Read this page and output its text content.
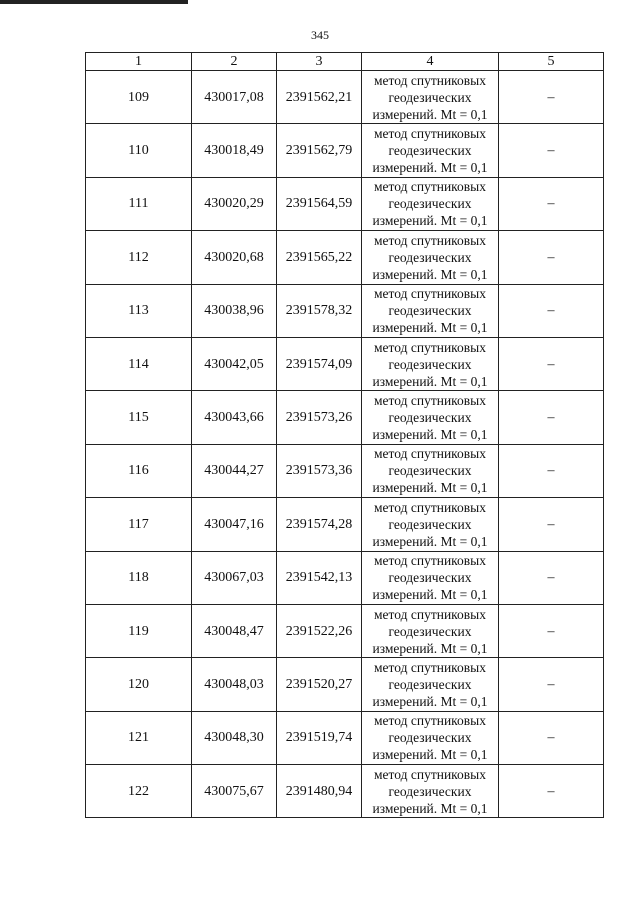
345
1	2	3	4	5
109	430017,08	2391562,21	метод спутниковых
геодезических
измерений. Mt = 0,1	–
110	430018,49	2391562,79	метод спутниковых
геодезических
измерений. Mt = 0,1	–
111	430020,29	2391564,59	метод спутниковых
геодезических
измерений. Mt = 0,1	–
112	430020,68	2391565,22	метод спутниковых
геодезических
измерений. Mt = 0,1	–
113	430038,96	2391578,32	метод спутниковых
геодезических
измерений. Mt = 0,1	–
114	430042,05	2391574,09	метод спутниковых
геодезических
измерений. Mt = 0,1	–
115	430043,66	2391573,26	метод спутниковых
геодезических
измерений. Mt = 0,1	–
116	430044,27	2391573,36	метод спутниковых
геодезических
измерений. Mt = 0,1	–
117	430047,16	2391574,28	метод спутниковых
геодезических
измерений. Mt = 0,1	–
118	430067,03	2391542,13	метод спутниковых
геодезических
измерений. Mt = 0,1	–
119	430048,47	2391522,26	метод спутниковых
геодезических
измерений. Mt = 0,1	–
120	430048,03	2391520,27	метод спутниковых
геодезических
измерений. Mt = 0,1	–
121	430048,30	2391519,74	метод спутниковых
геодезических
измерений. Mt = 0,1	–
122	430075,67	2391480,94	метод спутниковых
геодезических
измерений. Mt = 0,1	–
